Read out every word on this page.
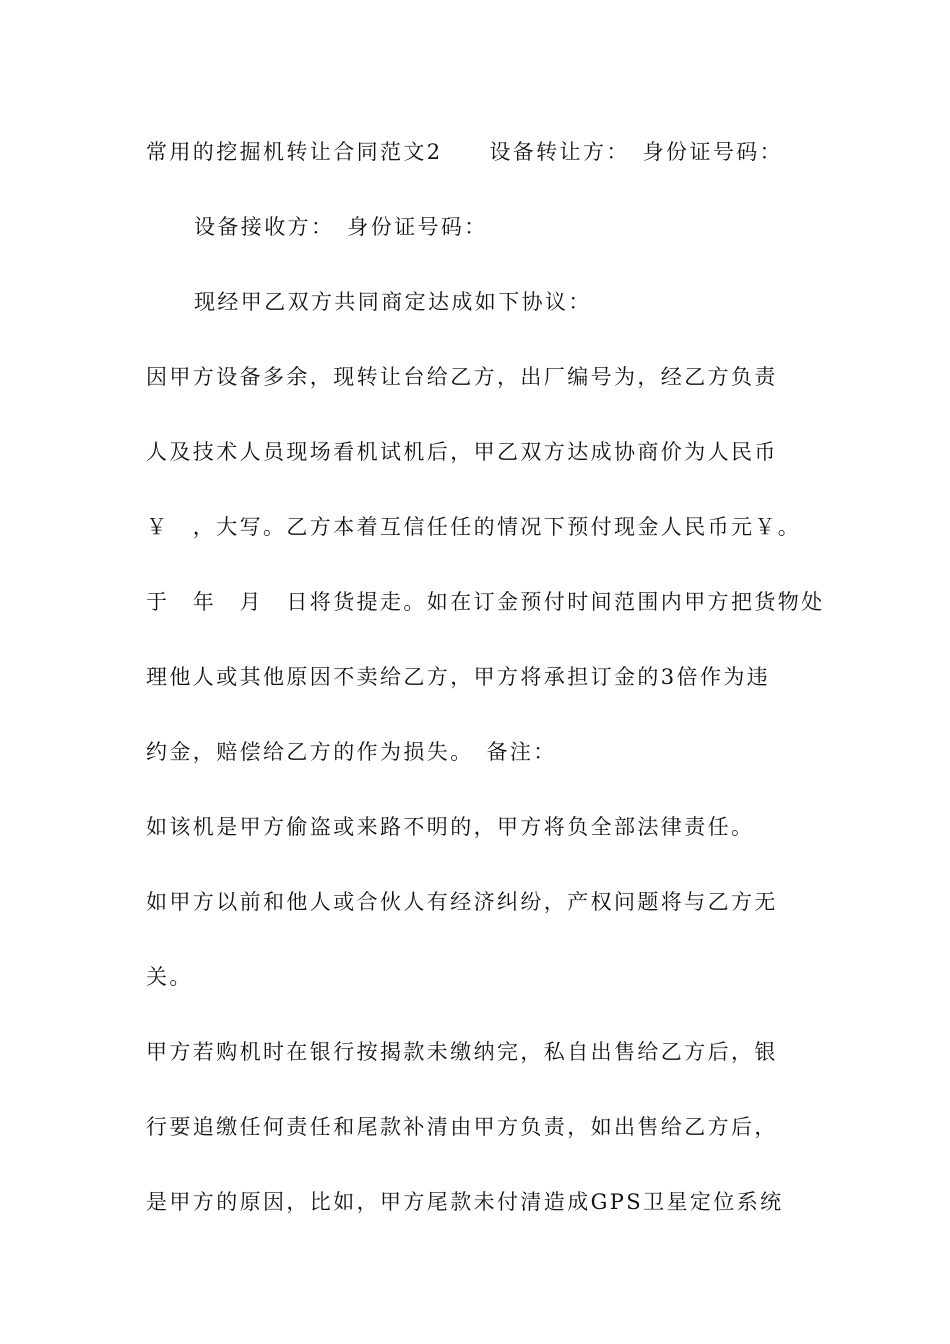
常用的挖掘机转让合同范文2　　设备转让方：　身份证号码：
设备接收方：　身份证号码：
现经甲乙双方共同商定达成如下协议：
因甲方设备多余，现转让台给乙方，出厂编号为，经乙方负责
人及技术人员现场看机试机后，甲乙双方达成协商价为人民币
￥　，大写。乙方本着互信任任的情况下预付现金人民币元￥。
于　年　月　日将货提走。如在订金预付时间范围内甲方把货物处
理他人或其他原因不卖给乙方，甲方将承担订金的3倍作为违
约金，赔偿给乙方的作为损失。　备注：
如该机是甲方偷盗或来路不明的，甲方将负全部法律责任。
如甲方以前和他人或合伙人有经济纠纷，产权问题将与乙方无
关。
甲方若购机时在银行按揭款未缴纳完，私自出售给乙方后，银
行要追缴任何责任和尾款补清由甲方负责，如出售给乙方后，
是甲方的原因，比如，甲方尾款未付清造成GPS卫星定位系统
